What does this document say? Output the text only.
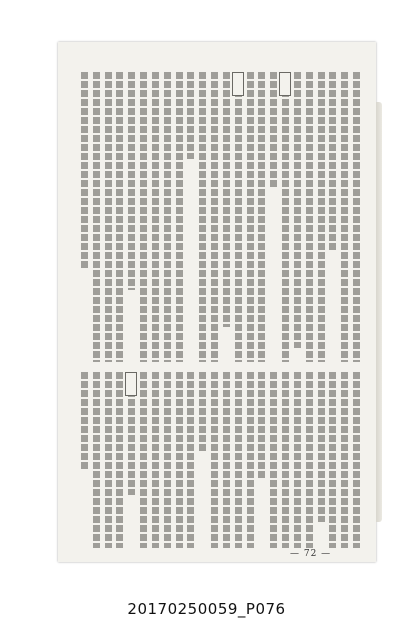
— 72 —
20170250059_P076
